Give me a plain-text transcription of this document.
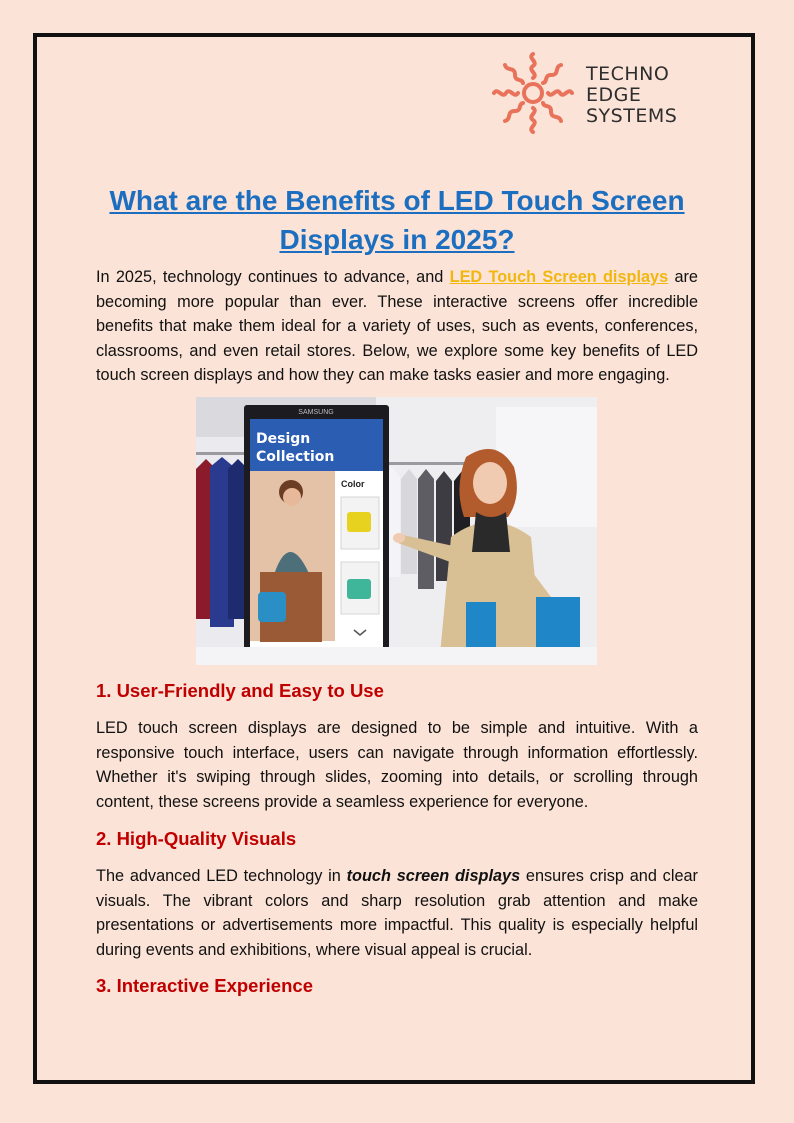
TECHNO
EDGE
SYSTEMS
What are the Benefits of LED Touch Screen Displays in 2025?

In 2025, technology continues to advance, and LED Touch Screen displays are becoming more popular than ever. These interactive screens offer incredible benefits that make them ideal for a variety of uses, such as events, conferences, classrooms, and even retail stores. Below, we explore some key benefits of LED touch screen displays and how they can make tasks easier and more engaging.

SAMSUNG
Design
Collection
Color
1. User-Friendly and Easy to Use

LED touch screen displays are designed to be simple and intuitive. With a responsive touch interface, users can navigate through information effortlessly. Whether it's swiping through slides, zooming into details, or scrolling through content, these screens provide a seamless experience for everyone.

2. High-Quality Visuals

The advanced LED technology in touch screen displays ensures crisp and clear visuals. The vibrant colors and sharp resolution grab attention and make presentations or advertisements more impactful. This quality is especially helpful during events and exhibitions, where visual appeal is crucial.

3. Interactive Experience
